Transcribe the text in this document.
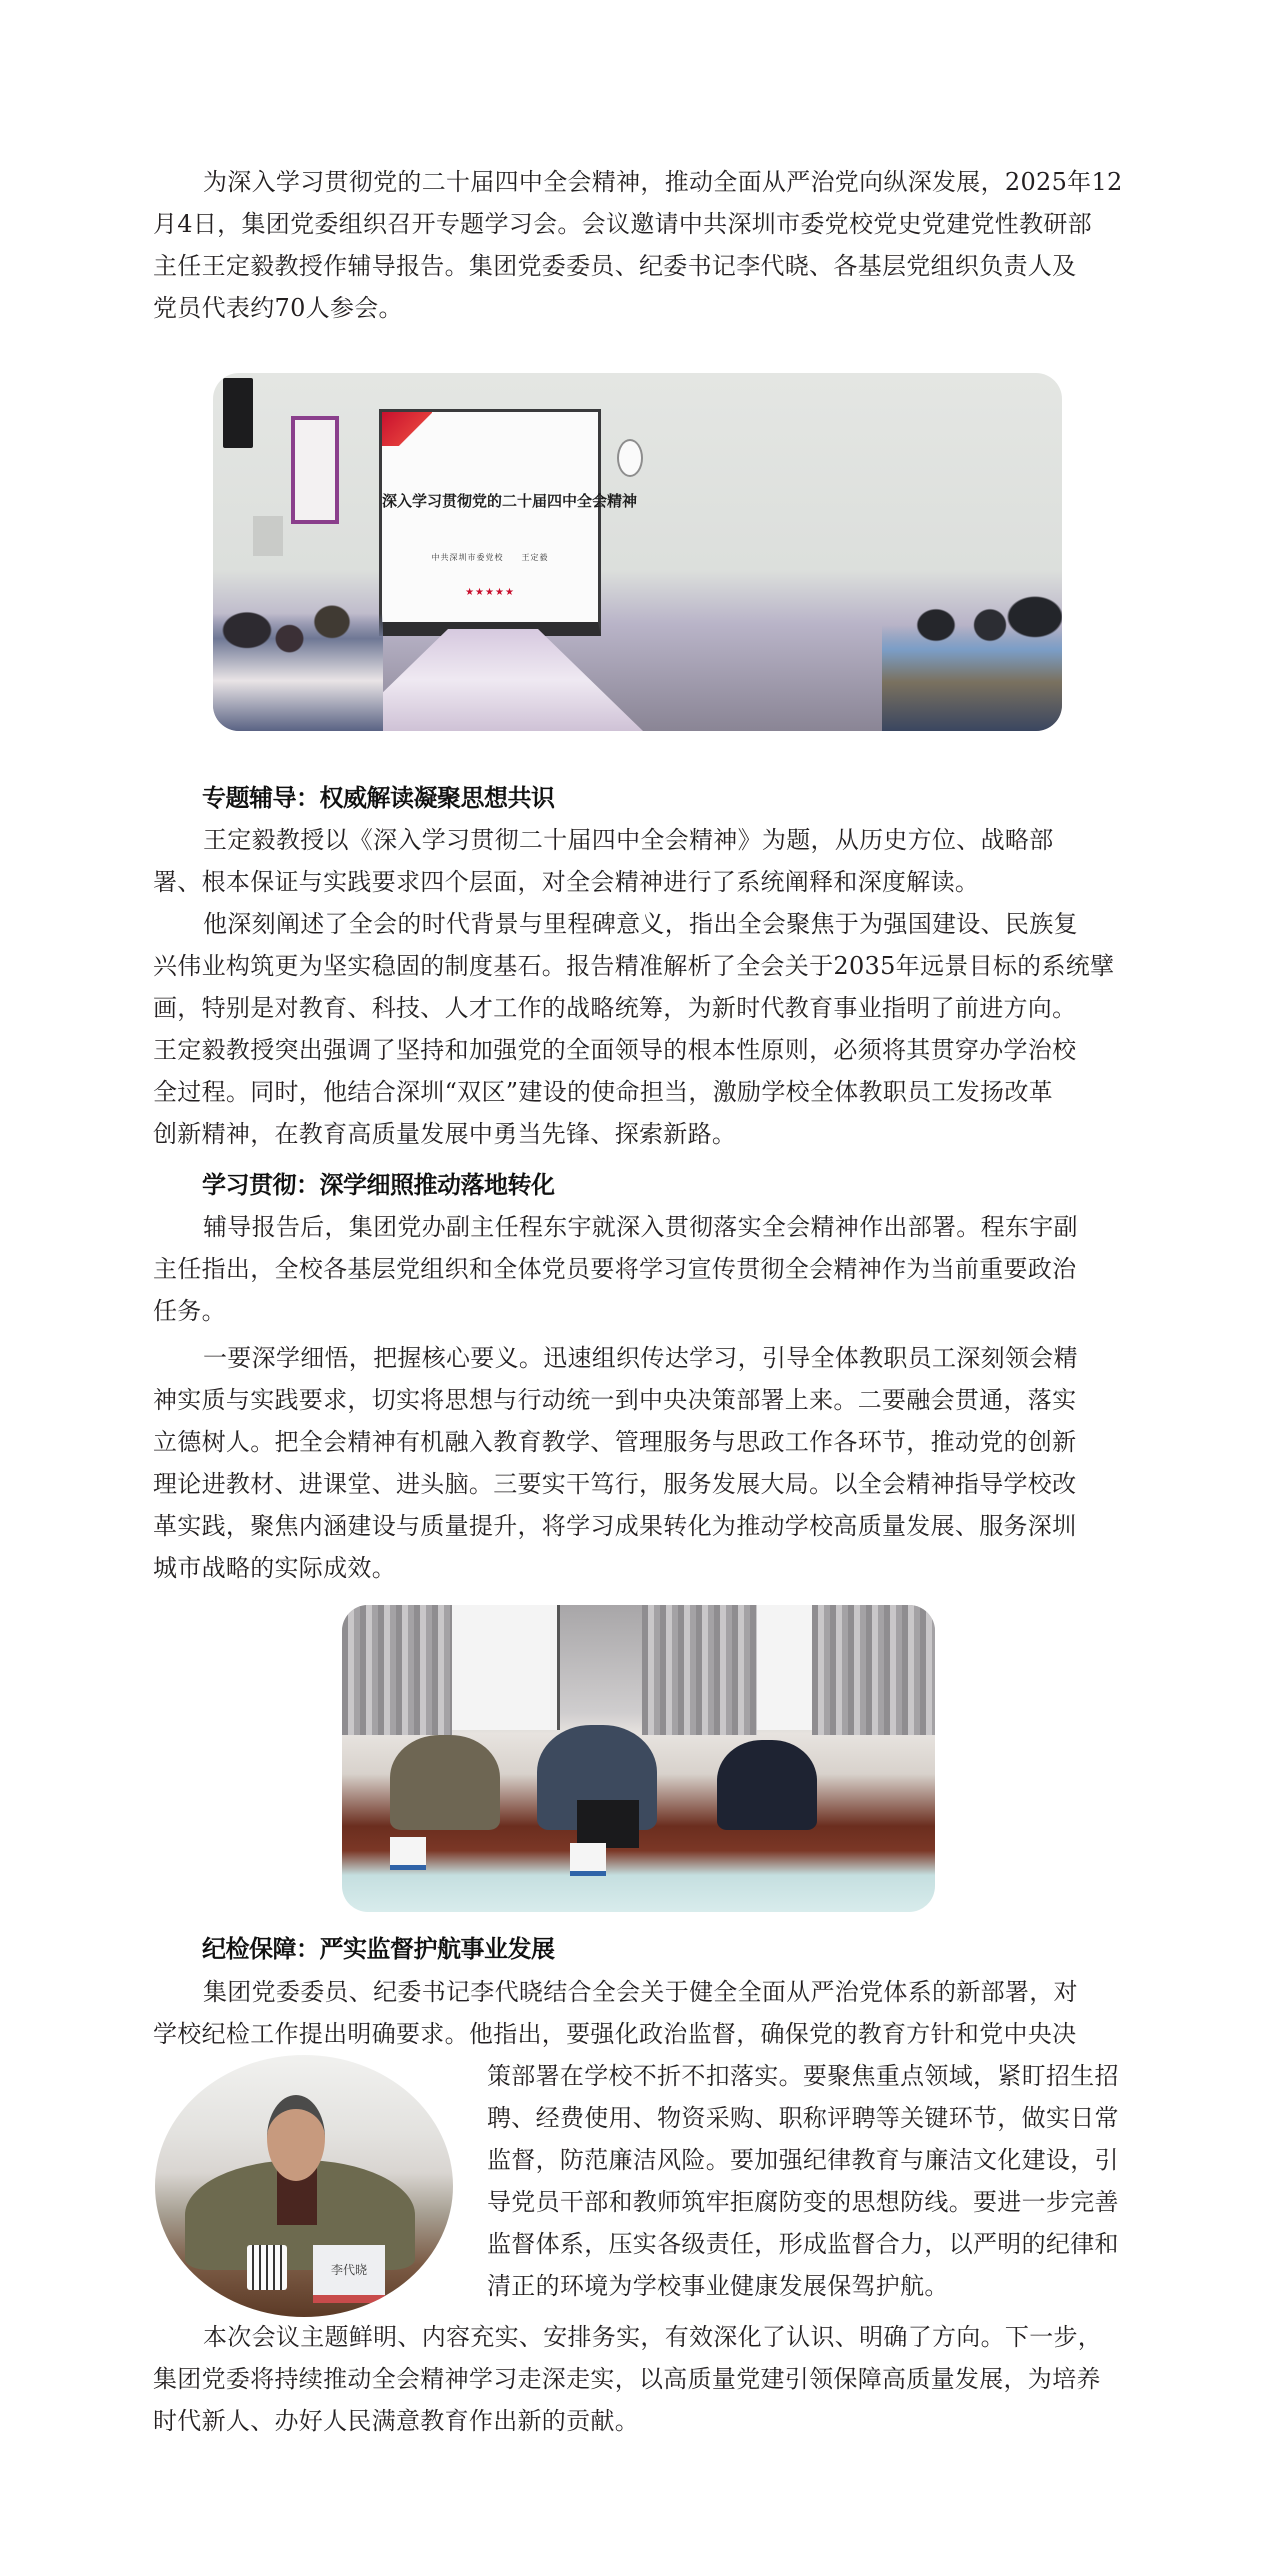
为深入学习贯彻党的二十届四中全会精神，推动全面从严治党向纵深发展，2025年12
月4日，集团党委组织召开专题学习会。会议邀请中共深圳市委党校党史党建党性教研部
主任王定毅教授作辅导报告。集团党委委员、纪委书记李代晓、各基层党组织负责人及
党员代表约70人参会。
深入学习贯彻党的二十届四中全会精神
中共深圳市委党校　　王定毅
★★★★★
专题辅导：权威解读凝聚思想共识
王定毅教授以《深入学习贯彻二十届四中全会精神》为题，从历史方位、战略部
署、根本保证与实践要求四个层面，对全会精神进行了系统阐释和深度解读。
他深刻阐述了全会的时代背景与里程碑意义，指出全会聚焦于为强国建设、民族复
兴伟业构筑更为坚实稳固的制度基石。报告精准解析了全会关于2035年远景目标的系统擘
画，特别是对教育、科技、人才工作的战略统筹，为新时代教育事业指明了前进方向。
王定毅教授突出强调了坚持和加强党的全面领导的根本性原则，必须将其贯穿办学治校
全过程。同时，他结合深圳“双区”建设的使命担当，激励学校全体教职员工发扬改革
创新精神，在教育高质量发展中勇当先锋、探索新路。
学习贯彻：深学细照推动落地转化
辅导报告后，集团党办副主任程东宇就深入贯彻落实全会精神作出部署。程东宇副
主任指出，全校各基层党组织和全体党员要将学习宣传贯彻全会精神作为当前重要政治
任务。
一要深学细悟，把握核心要义。迅速组织传达学习，引导全体教职员工深刻领会精
神实质与实践要求，切实将思想与行动统一到中央决策部署上来。二要融会贯通，落实
立德树人。把全会精神有机融入教育教学、管理服务与思政工作各环节，推动党的创新
理论进教材、进课堂、进头脑。三要实干笃行，服务发展大局。以全会精神指导学校改
革实践，聚焦内涵建设与质量提升，将学习成果转化为推动学校高质量发展、服务深圳
城市战略的实际成效。
纪检保障：严实监督护航事业发展
集团党委委员、纪委书记李代晓结合全会关于健全全面从严治党体系的新部署，对
学校纪检工作提出明确要求。他指出，要强化政治监督，确保党的教育方针和党中央决
策部署在学校不折不扣落实。要聚焦重点领域，紧盯招生招
聘、经费使用、物资采购、职称评聘等关键环节，做实日常
监督，防范廉洁风险。要加强纪律教育与廉洁文化建设，引
导党员干部和教师筑牢拒腐防变的思想防线。要进一步完善
监督体系，压实各级责任，形成监督合力，以严明的纪律和
清正的环境为学校事业健康发展保驾护航。
李代晓
本次会议主题鲜明、内容充实、安排务实，有效深化了认识、明确了方向。下一步，
集团党委将持续推动全会精神学习走深走实，以高质量党建引领保障高质量发展，为培养
时代新人、办好人民满意教育作出新的贡献。
